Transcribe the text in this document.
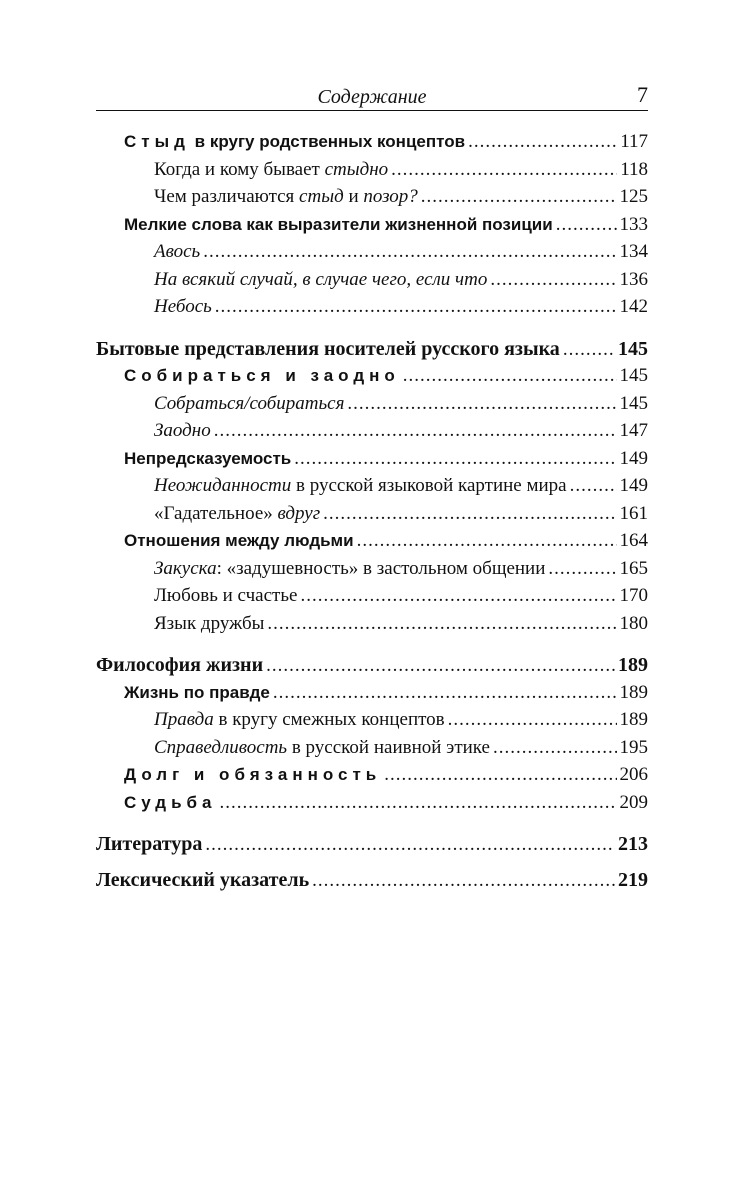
Содержание	7
Стыд в кругу родственных концептов .....	117
Когда и кому бывает стыдно .....	118
Чем различаются стыд и позор? .....	125
Мелкие слова как выразители жизненной позиции .....	133
Авось .....	134
На всякий случай, в случае чего, если что .....	136
Небось .....	142
Бытовые представления носителей русского языка .....	145
Собираться и заодно .....	145
Собраться/собираться .....	145
Заодно .....	147
Непредсказуемость .....	149
Неожиданности в русской языковой картине мира .....	149
«Гадательное» вдруг .....	161
Отношения между людьми .....	164
Закуска: «задушевность» в застольном общении .....	165
Любовь и счастье .....	170
Язык дружбы .....	180
Философия жизни .....	189
Жизнь по правде .....	189
Правда в кругу смежных концептов .....	189
Справедливость в русской наивной этике .....	195
Долг и обязанность .....	206
Судьба .....	209
Литература .....	213
Лексический указатель .....	219
